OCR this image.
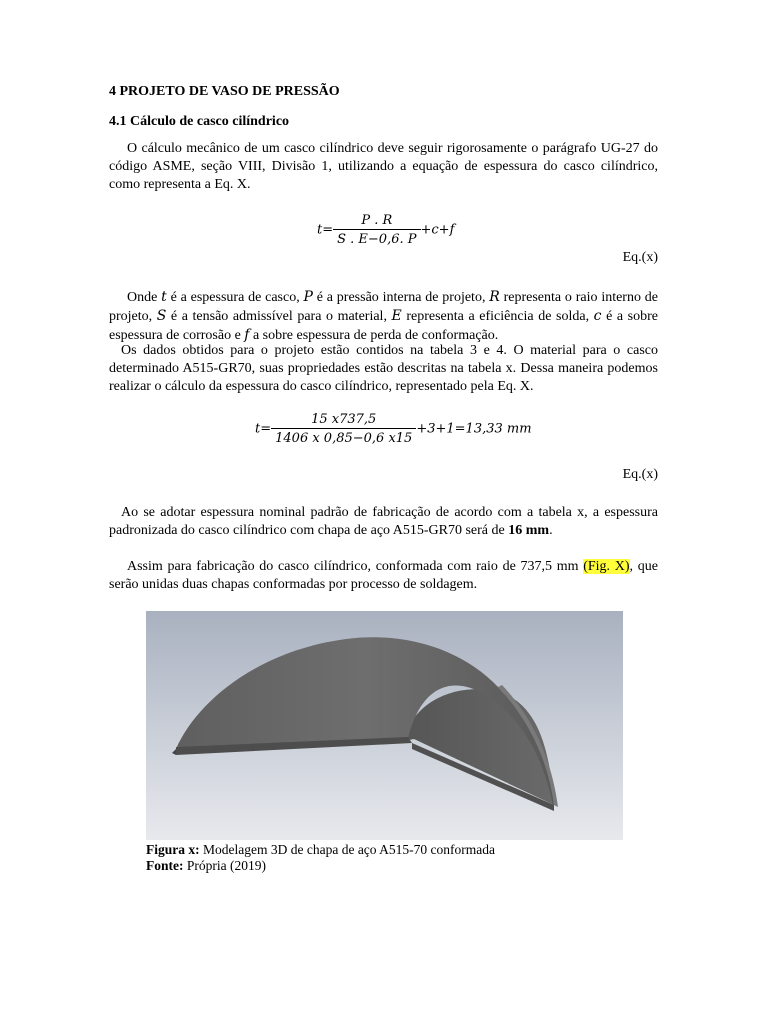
4 PROJETO DE VASO DE PRESSÃO
4.1 Cálculo de casco cilíndrico
O cálculo mecânico de um casco cilíndrico deve seguir rigorosamente o parágrafo UG-27 do código ASME, seção VIII, Divisão 1, utilizando a equação de espessura do casco cilíndrico, como representa a Eq. X.
$t= \frac{P . R}{S . E-0,6. P} +c+f$
Eq.(x)
Onde t é a espessura de casco, P é a pressão interna de projeto, R representa o raio interno de projeto, S é a tensão admissível para o material, E representa a eficiência de solda, c é a sobre espessura de corrosão e f a sobre espessura de perda de conformação.
Os dados obtidos para o projeto estão contidos na tabela 3 e 4. O material para o casco determinado A515-GR70, suas propriedades estão descritas na tabela x. Dessa maneira podemos realizar o cálculo da espessura do casco cilíndrico, representado pela Eq. X.
$t= \frac{15 x737,5}{1406 x 0,85-0,6 x15} +3+1=13,33$ mm
Eq.(x)
Ao se adotar espessura nominal padrão de fabricação de acordo com a tabela x, a espessura padronizada do casco cilíndrico com chapa de aço A515-GR70 será de 16 mm.
Assim para fabricação do casco cilíndrico, conformada com raio de 737,5 mm (Fig. X), que serão unidas duas chapas conformadas por processo de soldagem.
Figura x: Modelagem 3D de chapa de aço A515-70 conformada
Fonte: Própria (2019)
